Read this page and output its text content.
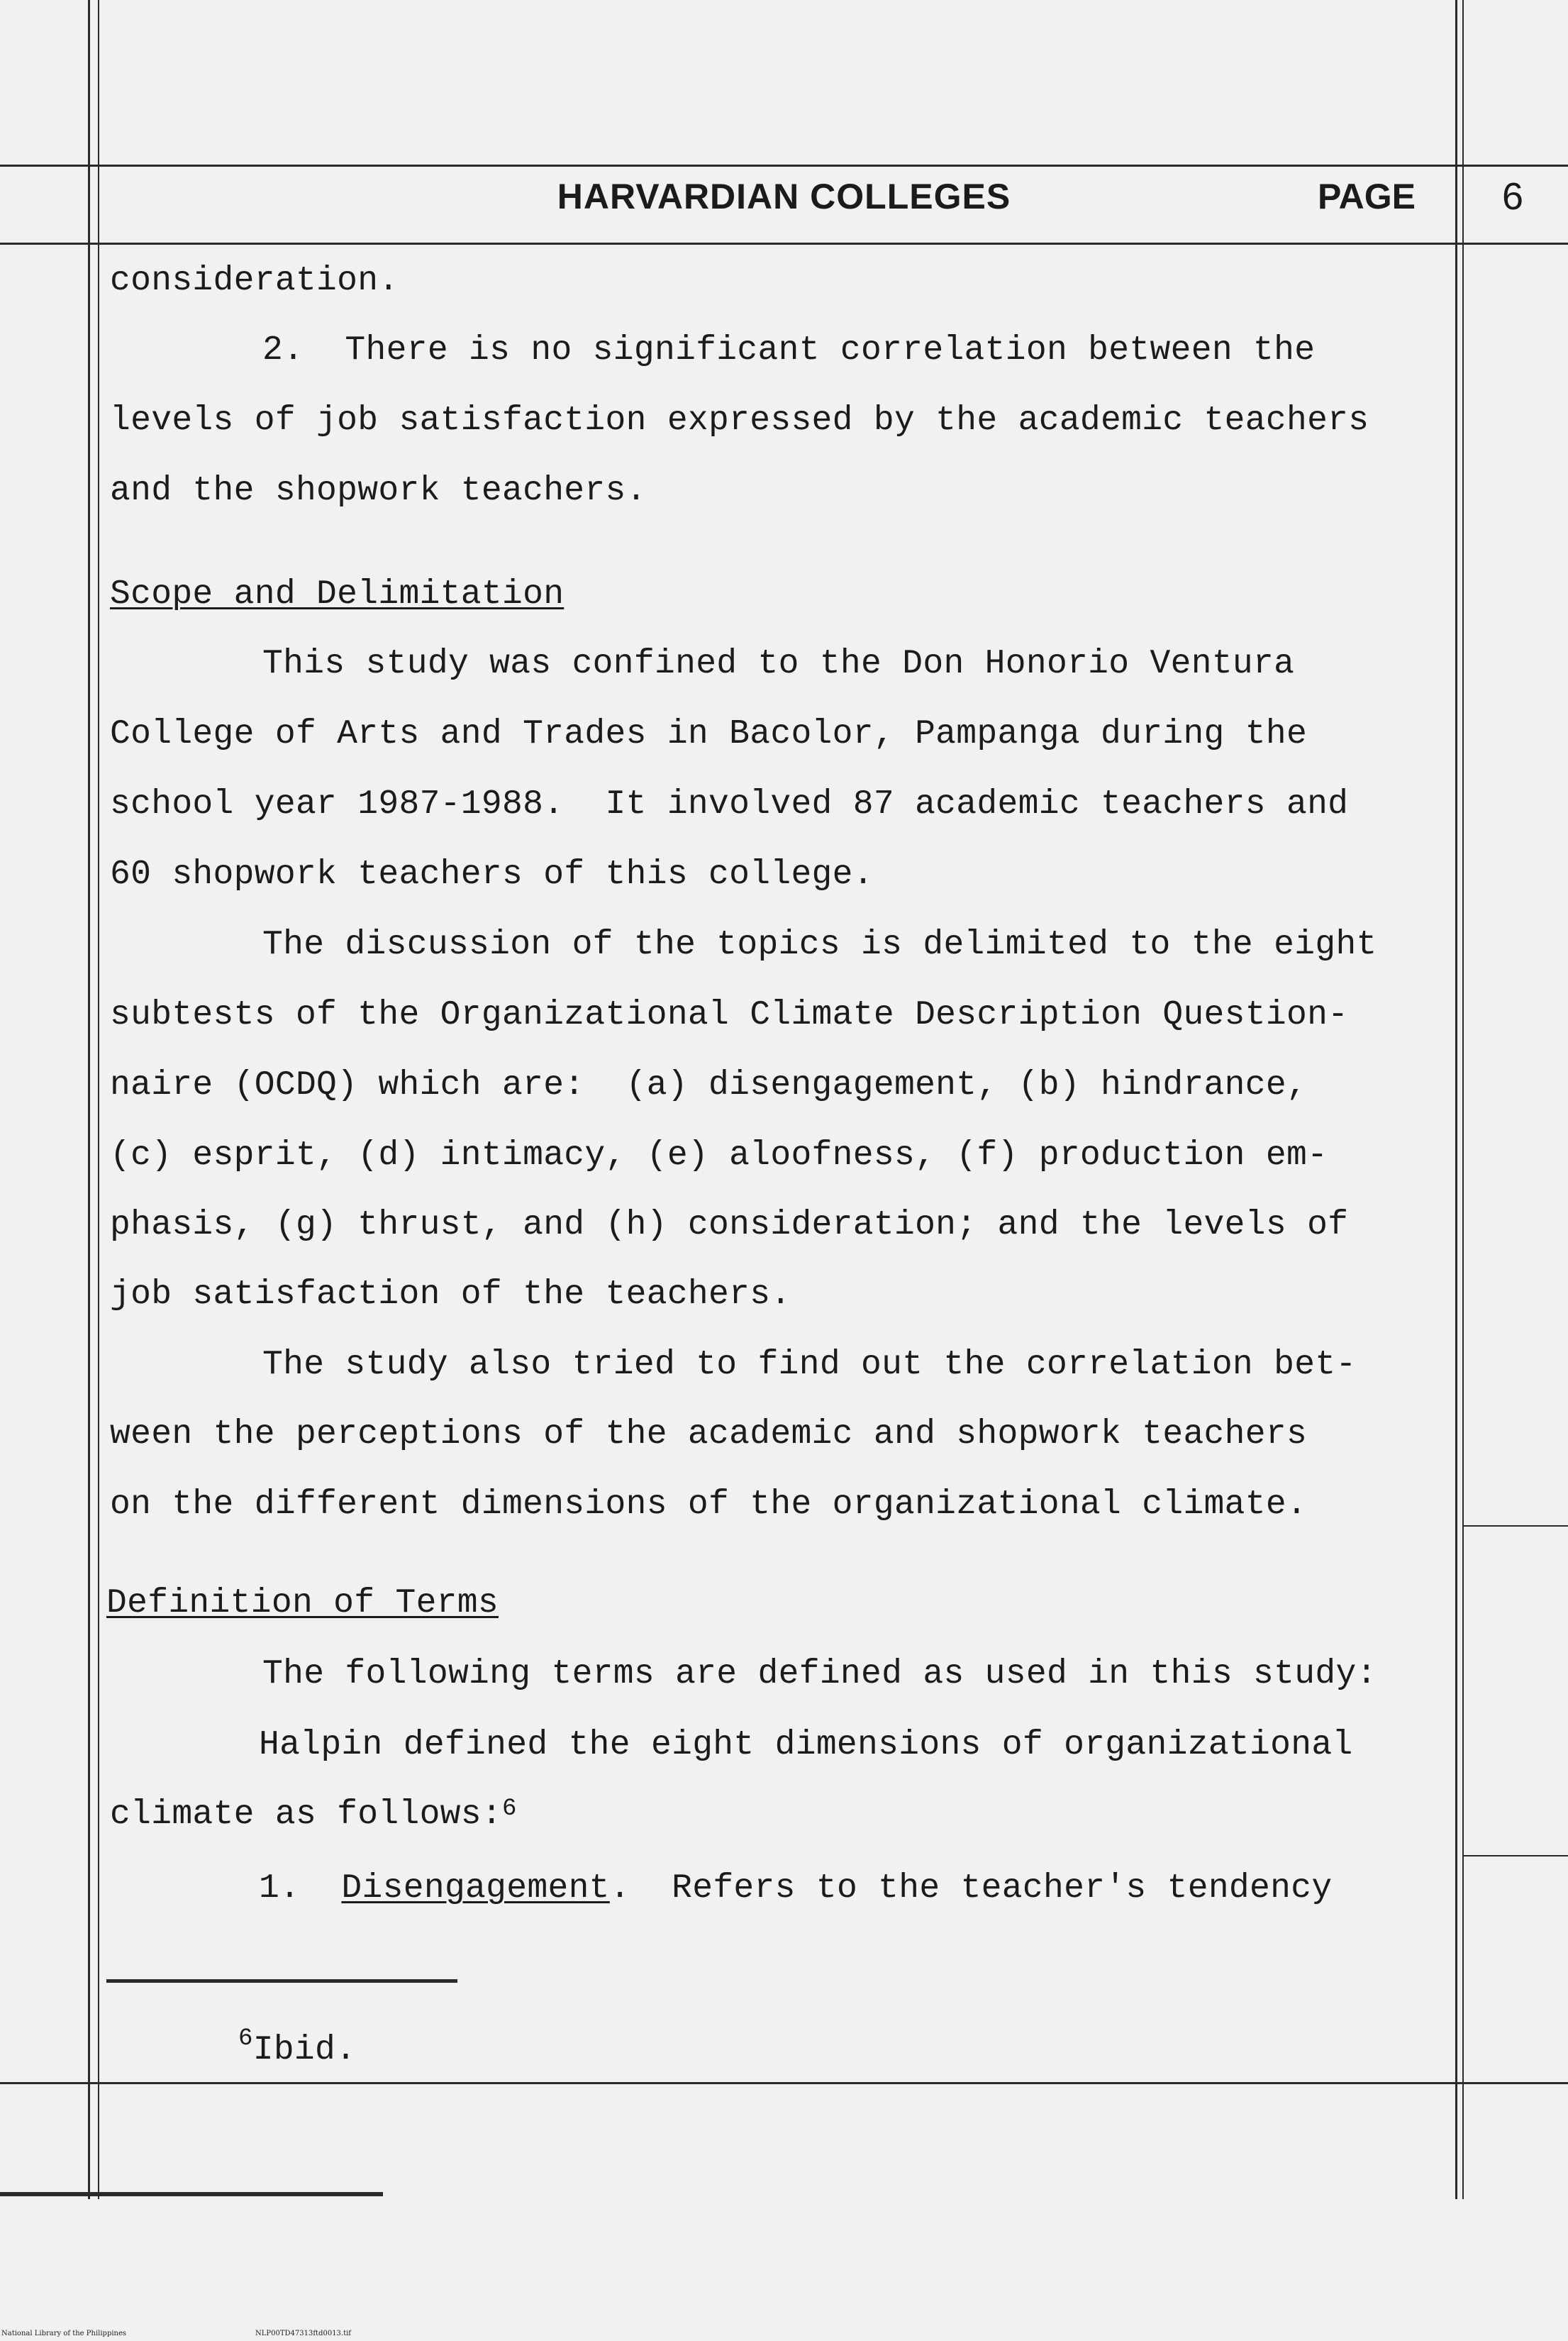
HARVARDIAN COLLEGES	PAGE 6
consideration.
2.  There is no significant correlation between the
levels of job satisfaction expressed by the academic teachers
and the shopwork teachers.
Scope and Delimitation
This study was confined to the Don Honorio Ventura
College of Arts and Trades in Bacolor, Pampanga during the
school year 1987-1988.  It involved 87 academic teachers and
60 shopwork teachers of this college.
The discussion of the topics is delimited to the eight
subtests of the Organizational Climate Description Question-
naire (OCDQ) which are:  (a) disengagement, (b) hindrance,
(c) esprit, (d) intimacy, (e) aloofness, (f) production em-
phasis, (g) thrust, and (h) consideration; and the levels of
job satisfaction of the teachers.
The study also tried to find out the correlation bet-
ween the perceptions of the academic and shopwork teachers
on the different dimensions of the organizational climate.
Definition of Terms
The following terms are defined as used in this study:
Halpin defined the eight dimensions of organizational
climate as follows:$^6$
1.  Disengagement.  Refers to the teacher's tendency
$^6$Ibid.
National Library of the Philippines	NLP00TD47313ftd0013.tif
